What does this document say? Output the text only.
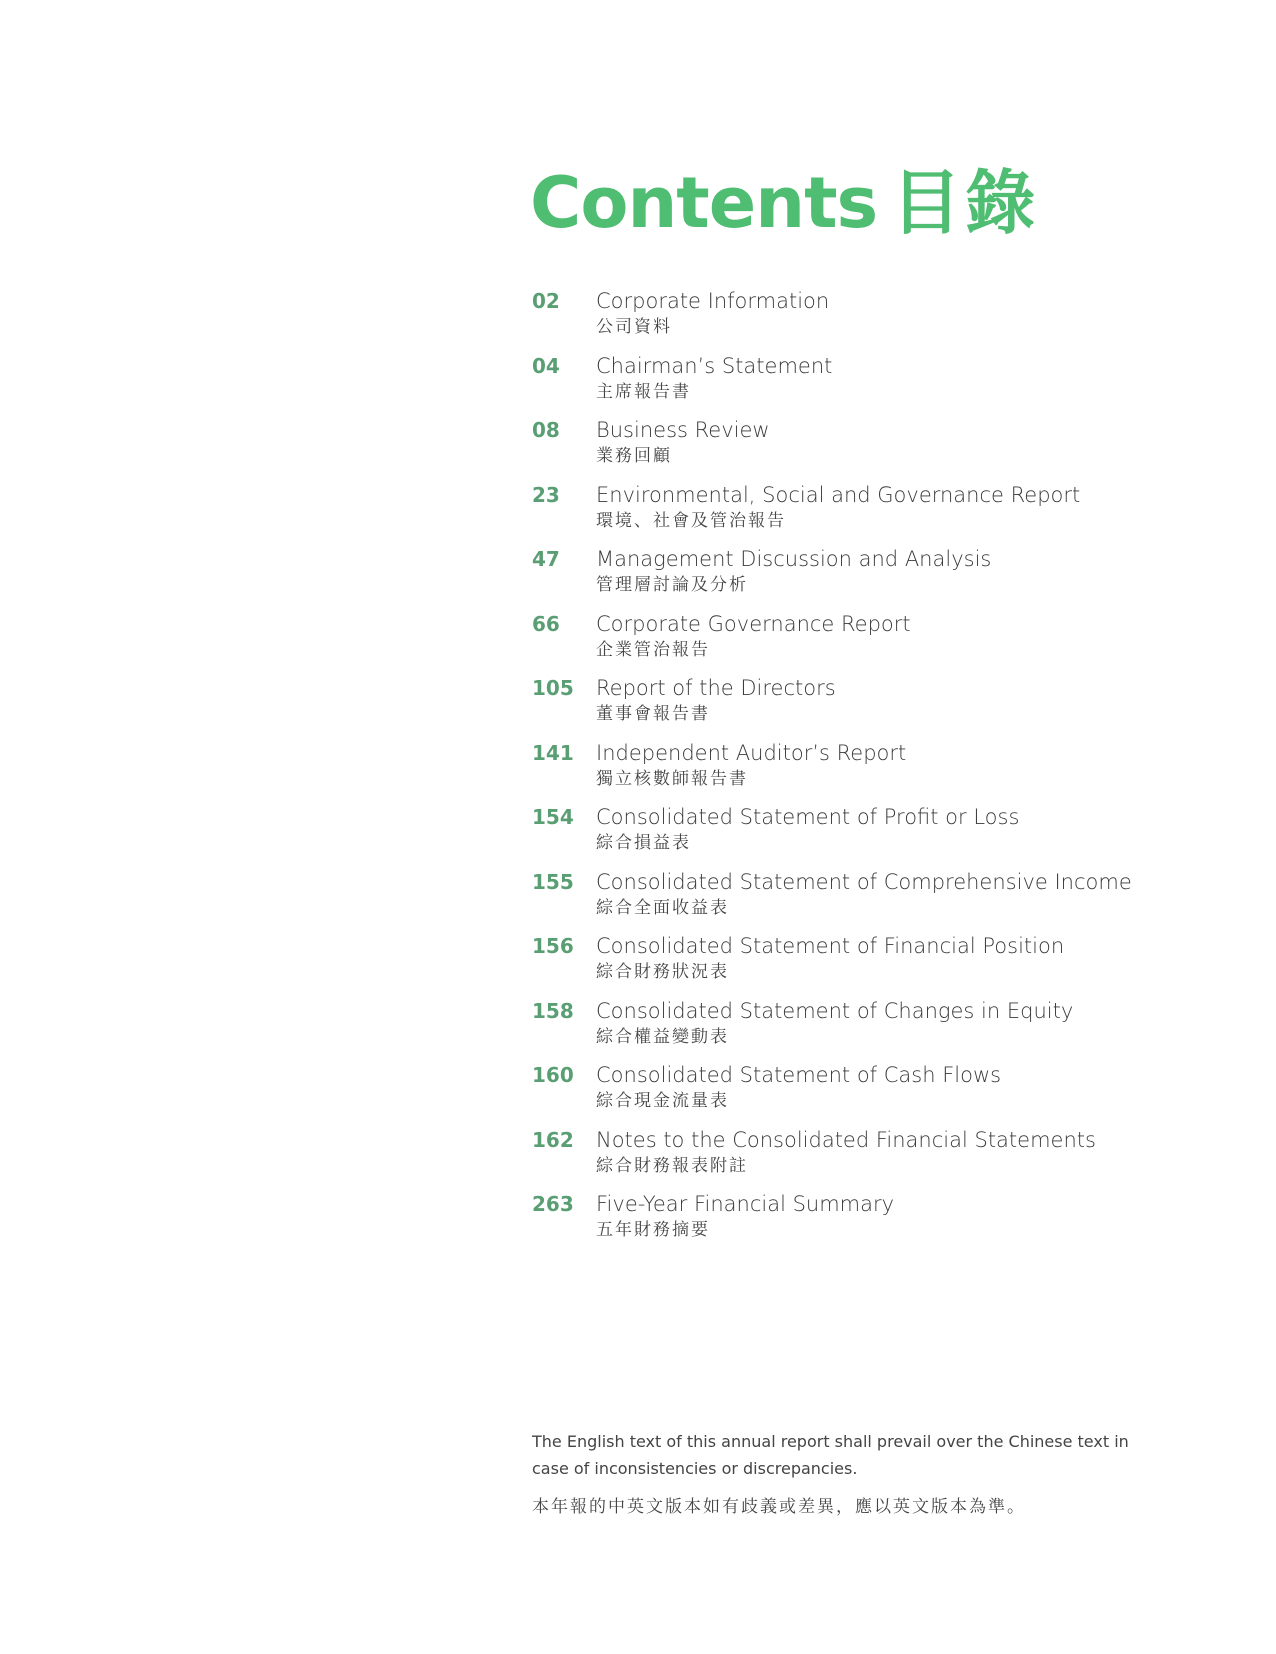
Contents 目錄
02	Corporate Information
公司資料
04	Chairman’s Statement
主席報告書
08	Business Review
業務回顧
23	Environmental, Social and Governance Report
環境、社會及管治報告
47	Management Discussion and Analysis
管理層討論及分析
66	Corporate Governance Report
企業管治報告
105	Report of the Directors
董事會報告書
141	Independent Auditor’s Report
獨立核數師報告書
154	Consolidated Statement of Profit or Loss
綜合損益表
155	Consolidated Statement of Comprehensive Income
綜合全面收益表
156	Consolidated Statement of Financial Position
綜合財務狀況表
158	Consolidated Statement of Changes in Equity
綜合權益變動表
160	Consolidated Statement of Cash Flows
綜合現金流量表
162	Notes to the Consolidated Financial Statements
綜合財務報表附註
263	Five-Year Financial Summary
五年財務摘要

The English text of this annual report shall prevail over the Chinese text in case of inconsistencies or discrepancies.

本年報的中英文版本如有歧義或差異，應以英文版本為準。
